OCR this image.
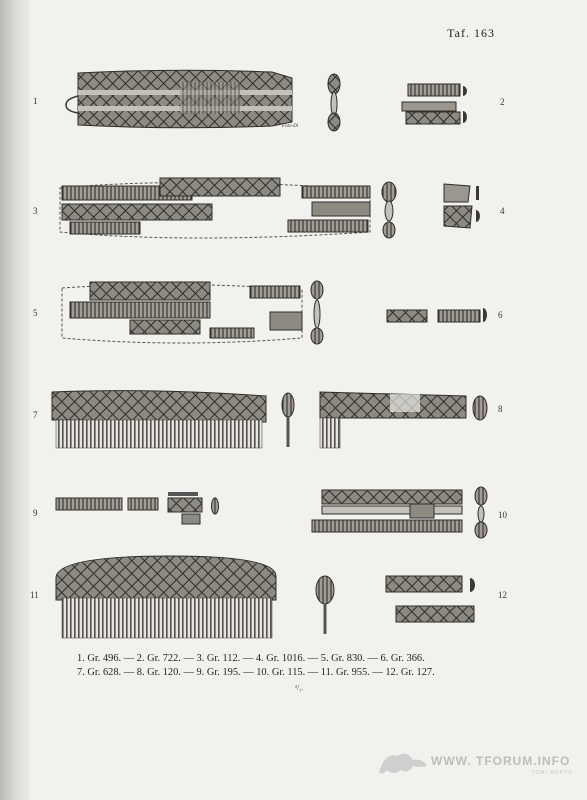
Taf. 163
1	2
3	4
5	6
7
8
9	10
11	12
Foto-Di
1. Gr. 496. — 2. Gr. 722. — 3. Gr. 112. — 4. Gr. 1016. — 5. Gr. 830. — 6. Gr. 366.
7. Gr. 628. — 8. Gr. 120. — 9. Gr. 195. — 10. Gr. 115. — 11. Gr. 955. — 12. Gr. 127.
²/₁.
WWW. TFORUM.INFO
TOMI NOPYU
